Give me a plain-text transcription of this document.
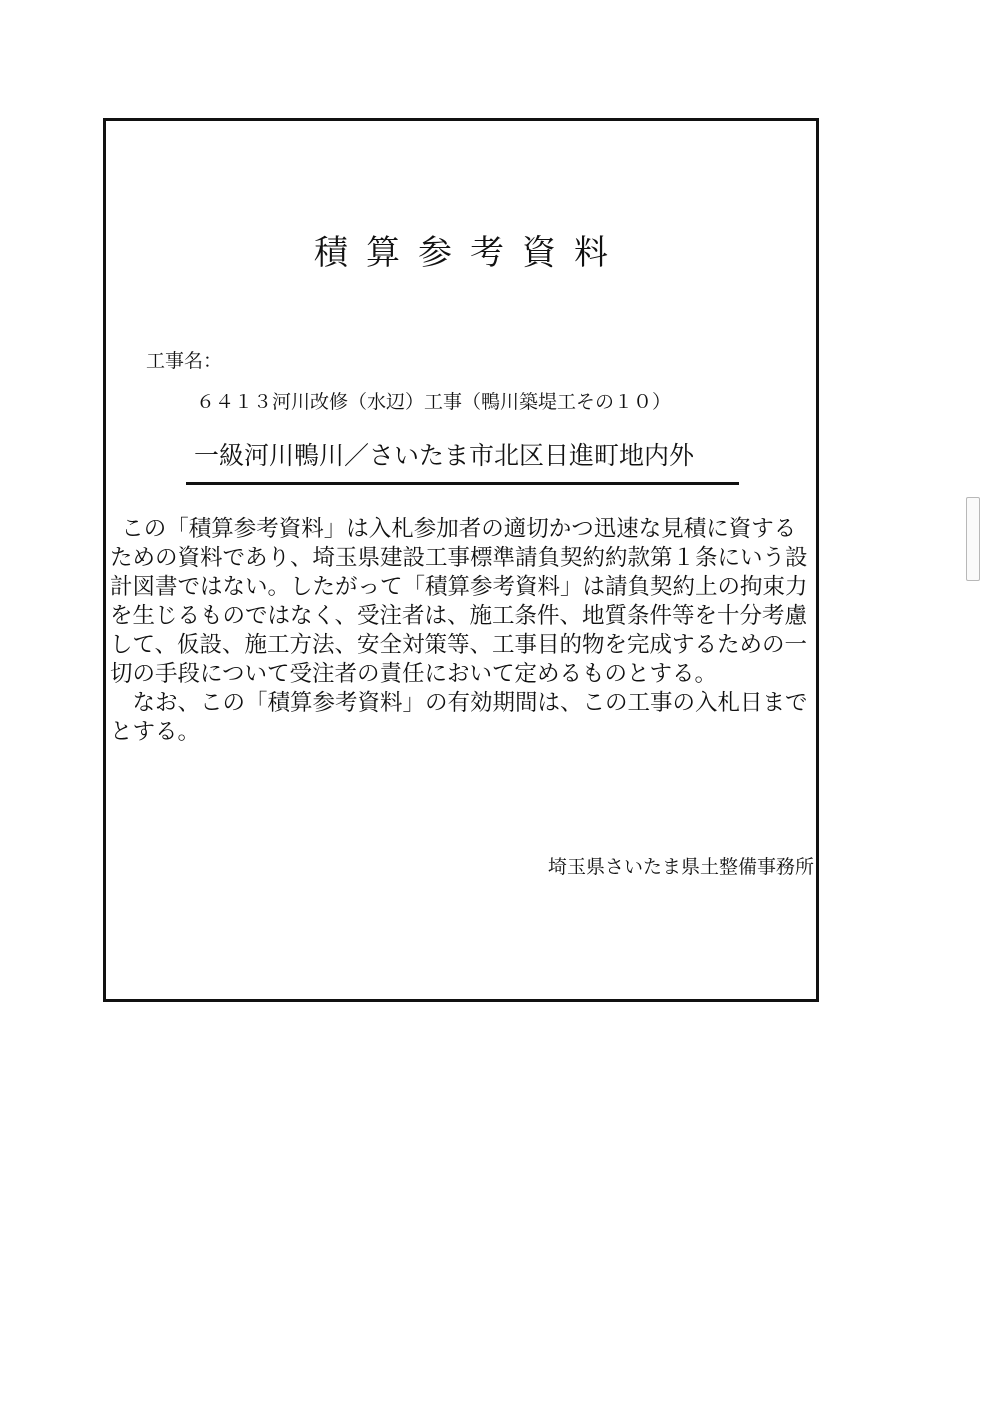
積算参考資料
工事名：
６４１３河川改修（水辺）工事（鴨川築堤工その１０）
一級河川鴨川／さいたま市北区日進町地内外

この「積算参考資料」は入札参加者の適切かつ迅速な見積に資するための資料であり、埼玉県建設工事標準請負契約約款第１条にいう設計図書ではない。したがって「積算参考資料」は請負契約上の拘束力を生じるものではなく、受注者は、施工条件、地質条件等を十分考慮して、仮設、施工方法、安全対策等、工事目的物を完成するための一切の手段について受注者の責任において定めるものとする。

なお、この「積算参考資料」の有効期間は、この工事の入札日までとする。

埼玉県さいたま県土整備事務所
